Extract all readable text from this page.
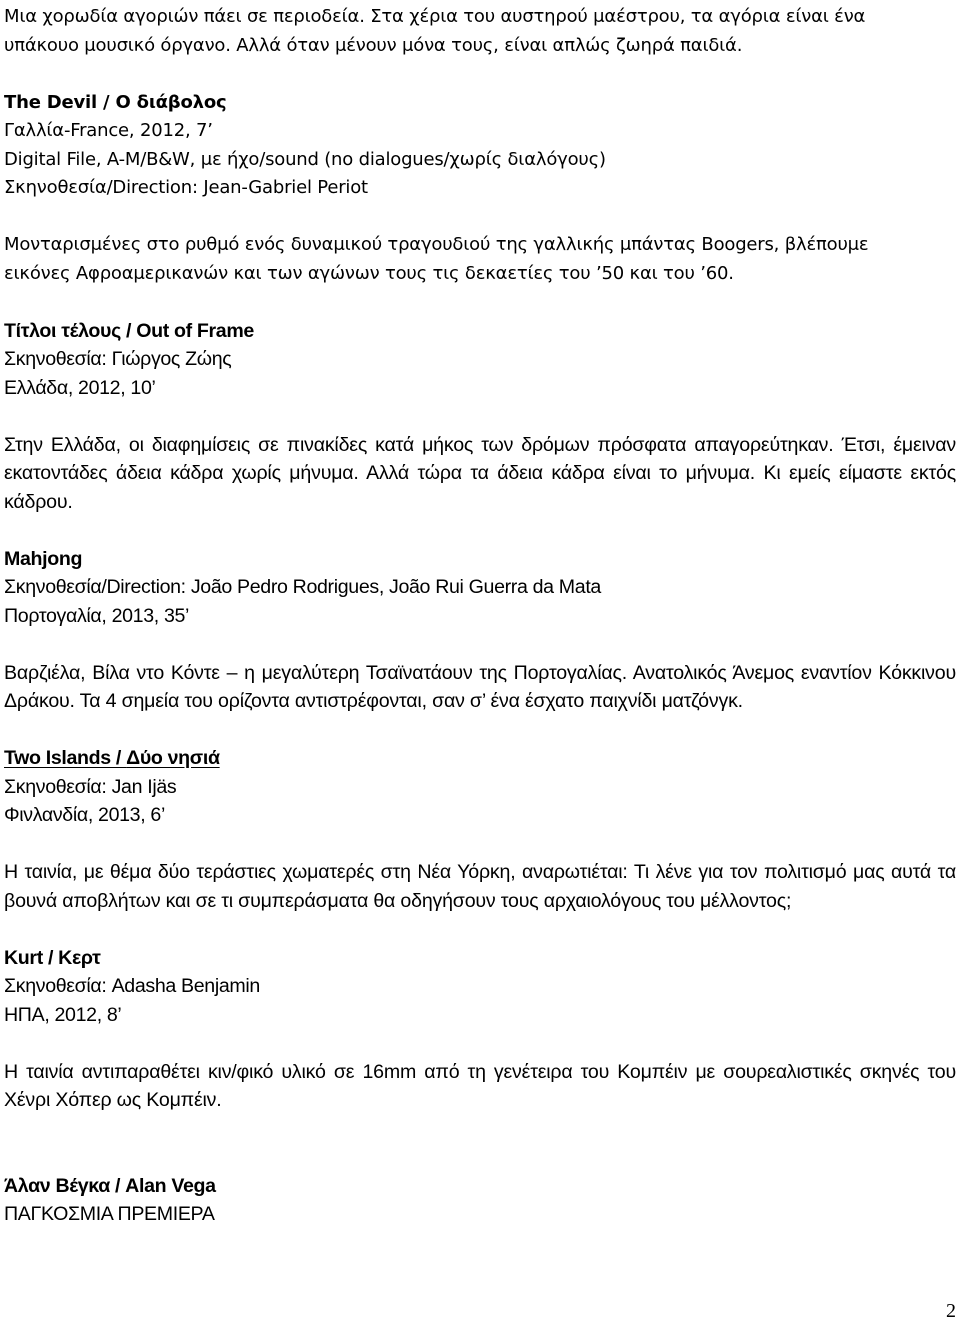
Μια χορωδία αγοριών πάει σε περιοδεία. Στα χέρια του αυστηρού μαέστρου, τα αγόρια είναι ένα
υπάκουο μουσικό όργανο. Αλλά όταν μένουν μόνα τους, είναι απλώς ζωηρά παιδιά.
The Devil / Ο διάβολος
Γαλλία-France, 2012, 7’
Digital File, A-M/B&W, με ήχο/sound (no dialogues/χωρίς διαλόγους)
Σκηνοθεσία/Direction: Jean-Gabriel Periot
Μονταρισμένες στο ρυθμό ενός δυναμικού τραγουδιού της γαλλικής μπάντας Boogers, βλέπουμε
εικόνες Αφροαμερικανών και των αγώνων τους τις δεκαετίες του ’50 και του ’60.
Τίτλοι τέλους / Out of Frame
Σκηνοθεσία: Γιώργος Ζώης
Ελλάδα, 2012, 10’
Στην Ελλάδα, οι διαφημίσεις σε πινακίδες κατά μήκος των δρόμων πρόσφατα απαγορεύτηκαν. Έτσι, έμειναν εκατοντάδες άδεια κάδρα χωρίς μήνυμα. Αλλά τώρα τα άδεια κάδρα είναι το μήνυμα. Κι εμείς είμαστε εκτός κάδρου.
Mahjong
Σκηνοθεσία/Direction: João Pedro Rodrigues, João Rui Guerra da Mata
Πορτογαλία, 2013, 35’
Βαρζιέλα, Βίλα ντο Κόντε – η μεγαλύτερη Τσαϊνατάουν της Πορτογαλίας. Ανατολικός Άνεμος εναντίον Κόκκινου Δράκου. Τα 4 σημεία του ορίζοντα αντιστρέφονται, σαν σ’ ένα έσχατο παιχνίδι ματζόνγκ.
Two Islands / Δύο νησιά
Σκηνοθεσία: Jan Ijäs
Φινλανδία, 2013, 6’
Η ταινία, με θέμα δύο τεράστιες χωματερές στη Νέα Υόρκη, αναρωτιέται: Τι λένε για τον πολιτισμό μας αυτά τα βουνά αποβλήτων και σε τι συμπεράσματα θα οδηγήσουν τους αρχαιολόγους του μέλλοντος;
Kurt / Κερτ
Σκηνοθεσία: Adasha Benjamin
ΗΠΑ, 2012, 8’
Η ταινία αντιπαραθέτει κιν/φικό υλικό σε 16mm από τη γενέτειρα του Κομπέιν με σουρεαλιστικές σκηνές του Χένρι Χόπερ ως Κομπέιν.
Άλαν Βέγκα / Alan Vega
ΠΑΓΚΟΣΜΙΑ ΠΡΕΜΙΕΡΑ
2
